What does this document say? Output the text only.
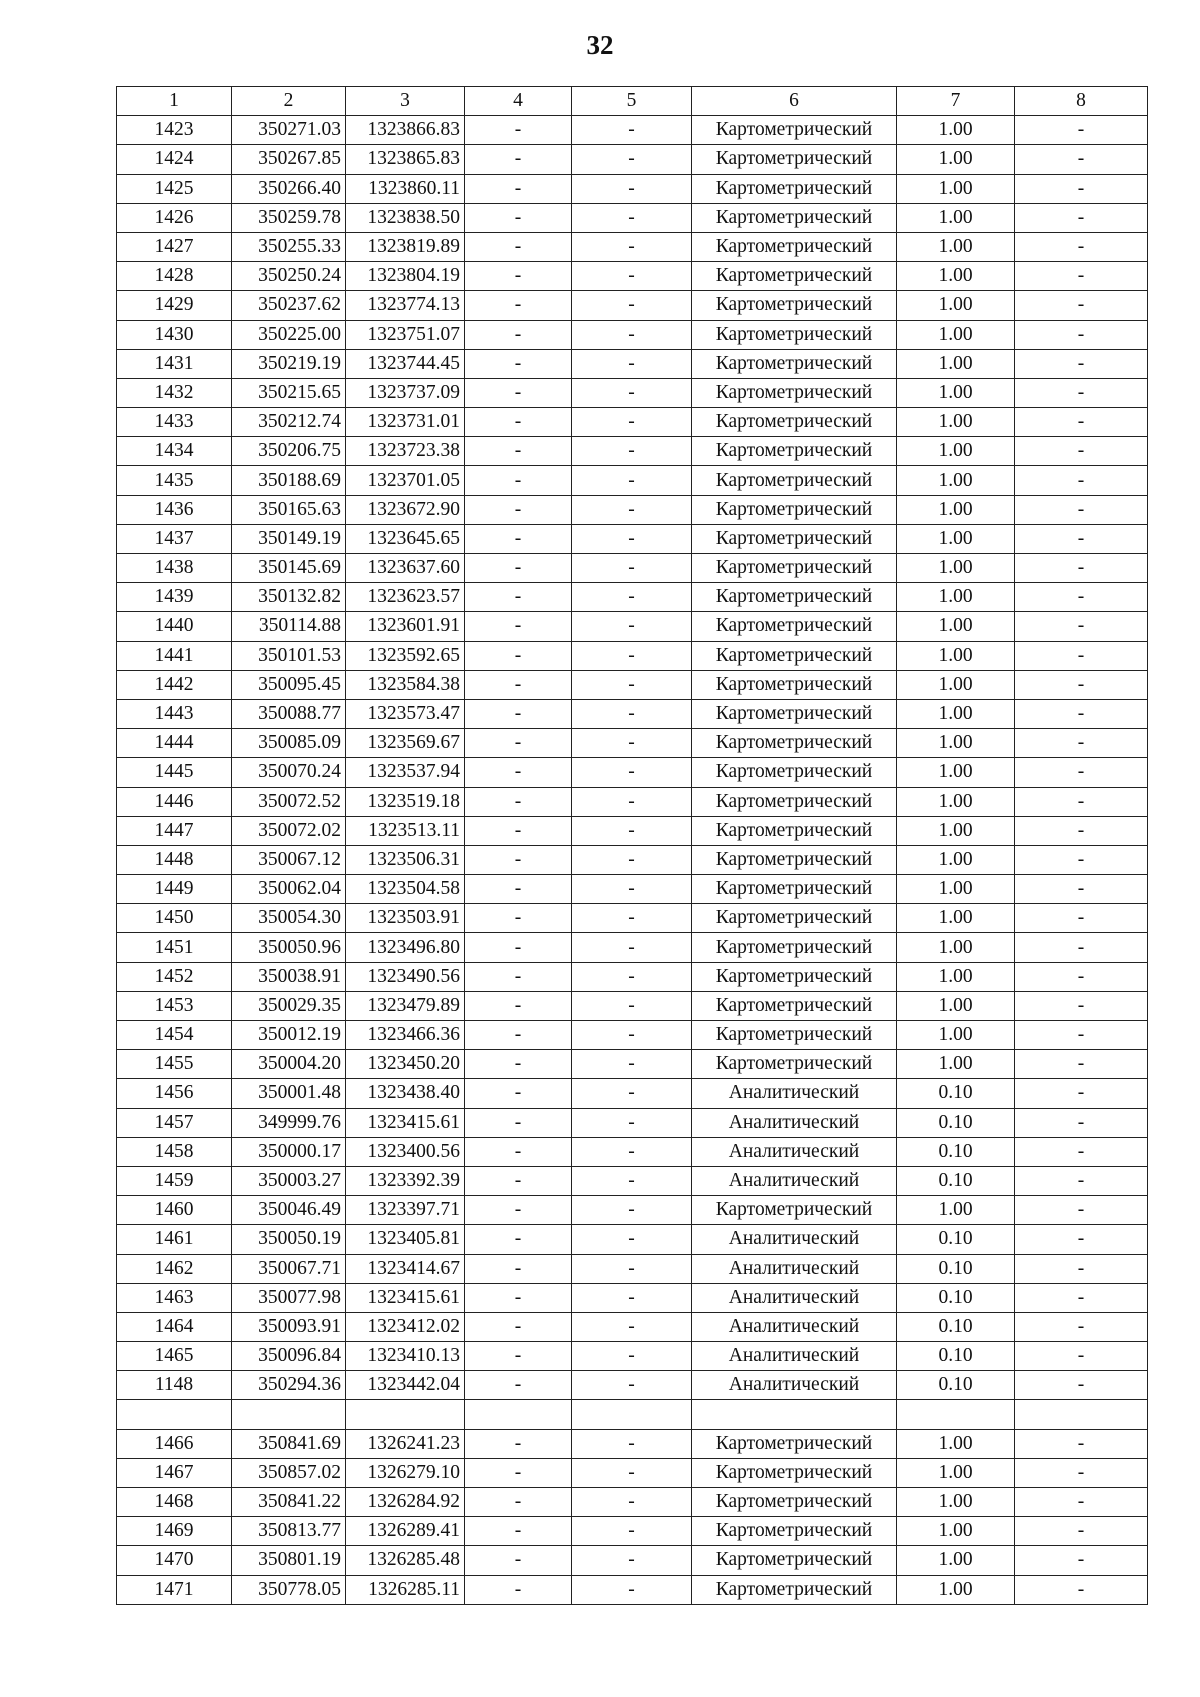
32
1	2	3	4	5	6	7	8
1423	350271.03	1323866.83	-	-	Картометрический	1.00	-
1424	350267.85	1323865.83	-	-	Картометрический	1.00	-
1425	350266.40	1323860.11	-	-	Картометрический	1.00	-
1426	350259.78	1323838.50	-	-	Картометрический	1.00	-
1427	350255.33	1323819.89	-	-	Картометрический	1.00	-
1428	350250.24	1323804.19	-	-	Картометрический	1.00	-
1429	350237.62	1323774.13	-	-	Картометрический	1.00	-
1430	350225.00	1323751.07	-	-	Картометрический	1.00	-
1431	350219.19	1323744.45	-	-	Картометрический	1.00	-
1432	350215.65	1323737.09	-	-	Картометрический	1.00	-
1433	350212.74	1323731.01	-	-	Картометрический	1.00	-
1434	350206.75	1323723.38	-	-	Картометрический	1.00	-
1435	350188.69	1323701.05	-	-	Картометрический	1.00	-
1436	350165.63	1323672.90	-	-	Картометрический	1.00	-
1437	350149.19	1323645.65	-	-	Картометрический	1.00	-
1438	350145.69	1323637.60	-	-	Картометрический	1.00	-
1439	350132.82	1323623.57	-	-	Картометрический	1.00	-
1440	350114.88	1323601.91	-	-	Картометрический	1.00	-
1441	350101.53	1323592.65	-	-	Картометрический	1.00	-
1442	350095.45	1323584.38	-	-	Картометрический	1.00	-
1443	350088.77	1323573.47	-	-	Картометрический	1.00	-
1444	350085.09	1323569.67	-	-	Картометрический	1.00	-
1445	350070.24	1323537.94	-	-	Картометрический	1.00	-
1446	350072.52	1323519.18	-	-	Картометрический	1.00	-
1447	350072.02	1323513.11	-	-	Картометрический	1.00	-
1448	350067.12	1323506.31	-	-	Картометрический	1.00	-
1449	350062.04	1323504.58	-	-	Картометрический	1.00	-
1450	350054.30	1323503.91	-	-	Картометрический	1.00	-
1451	350050.96	1323496.80	-	-	Картометрический	1.00	-
1452	350038.91	1323490.56	-	-	Картометрический	1.00	-
1453	350029.35	1323479.89	-	-	Картометрический	1.00	-
1454	350012.19	1323466.36	-	-	Картометрический	1.00	-
1455	350004.20	1323450.20	-	-	Картометрический	1.00	-
1456	350001.48	1323438.40	-	-	Аналитический	0.10	-
1457	349999.76	1323415.61	-	-	Аналитический	0.10	-
1458	350000.17	1323400.56	-	-	Аналитический	0.10	-
1459	350003.27	1323392.39	-	-	Аналитический	0.10	-
1460	350046.49	1323397.71	-	-	Картометрический	1.00	-
1461	350050.19	1323405.81	-	-	Аналитический	0.10	-
1462	350067.71	1323414.67	-	-	Аналитический	0.10	-
1463	350077.98	1323415.61	-	-	Аналитический	0.10	-
1464	350093.91	1323412.02	-	-	Аналитический	0.10	-
1465	350096.84	1323410.13	-	-	Аналитический	0.10	-
1148	350294.36	1323442.04	-	-	Аналитический	0.10	-

1466	350841.69	1326241.23	-	-	Картометрический	1.00	-
1467	350857.02	1326279.10	-	-	Картометрический	1.00	-
1468	350841.22	1326284.92	-	-	Картометрический	1.00	-
1469	350813.77	1326289.41	-	-	Картометрический	1.00	-
1470	350801.19	1326285.48	-	-	Картометрический	1.00	-
1471	350778.05	1326285.11	-	-	Картометрический	1.00	-
